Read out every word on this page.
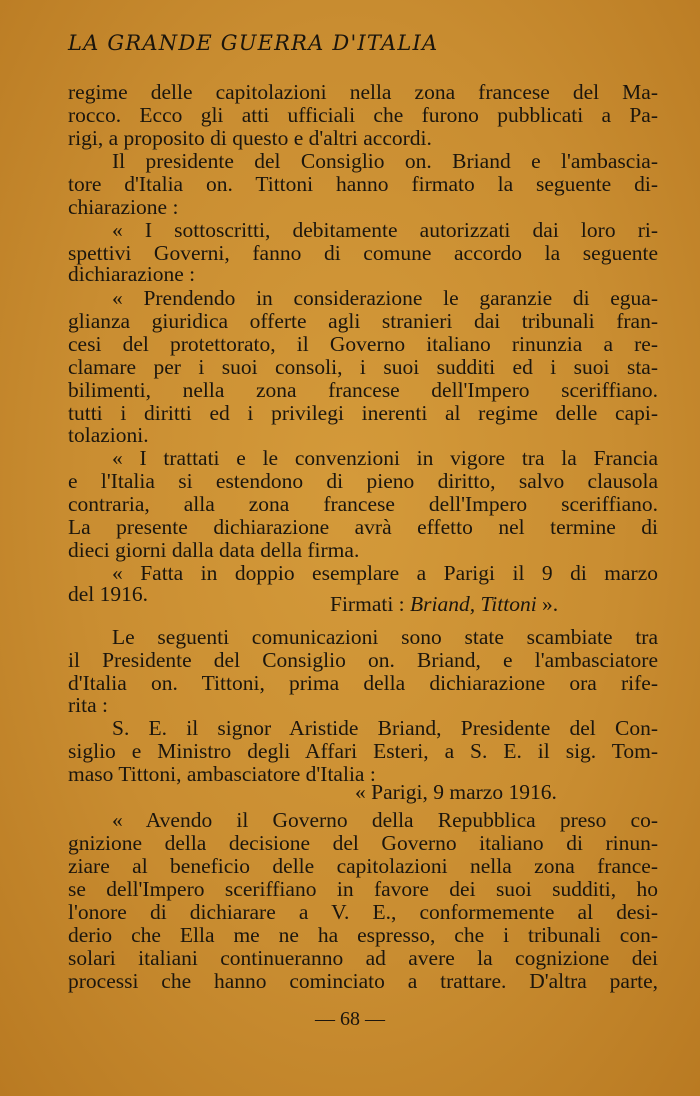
LA GRANDE GUERRA D'ITALIA
regime delle capitolazioni nella zona francese del Ma-
rocco. Ecco gli atti ufficiali che furono pubblicati a Pa-
rigi, a proposito di questo e d'altri accordi.
Il presidente del Consiglio on. Briand e l'ambascia-
tore d'Italia on. Tittoni hanno firmato la seguente di-
chiarazione :
« I sottoscritti, debitamente autorizzati dai loro ri-
spettivi Governi, fanno di comune accordo la seguente
dichiarazione :
« Prendendo in considerazione le garanzie di egua-
glianza giuridica offerte agli stranieri dai tribunali fran-
cesi del protettorato, il Governo italiano rinunzia a re-
clamare per i suoi consoli, i suoi sudditi ed i suoi sta-
bilimenti, nella zona francese dell'Impero sceriffiano.
tutti i diritti ed i privilegi inerenti al regime delle capi-
tolazioni.
« I trattati e le convenzioni in vigore tra la Francia
e l'Italia si estendono di pieno diritto, salvo clausola
contraria, alla zona francese dell'Impero sceriffiano.
La presente dichiarazione avrà effetto nel termine di
dieci giorni dalla data della firma.
« Fatta in doppio esemplare a Parigi il 9 di marzo
del 1916.	Firmati : Briand, Tittoni ».
Le seguenti comunicazioni sono state scambiate tra
il Presidente del Consiglio on. Briand, e l'ambasciatore
d'Italia on. Tittoni, prima della dichiarazione ora rife-
rita :
S. E. il signor Aristide Briand, Presidente del Con-
siglio e Ministro degli Affari Esteri, a S. E. il sig. Tom-
maso Tittoni, ambasciatore d'Italia :
« Parigi, 9 marzo 1916.
« Avendo il Governo della Repubblica preso co-
gnizione della decisione del Governo italiano di rinun-
ziare al beneficio delle capitolazioni nella zona france-
se dell'Impero sceriffiano in favore dei suoi sudditi, ho
l'onore di dichiarare a V. E., conformemente al desi-
derio che Ella me ne ha espresso, che i tribunali con-
solari italiani continueranno ad avere la cognizione dei
processi che hanno cominciato a trattare. D'altra parte,
— 68 —
